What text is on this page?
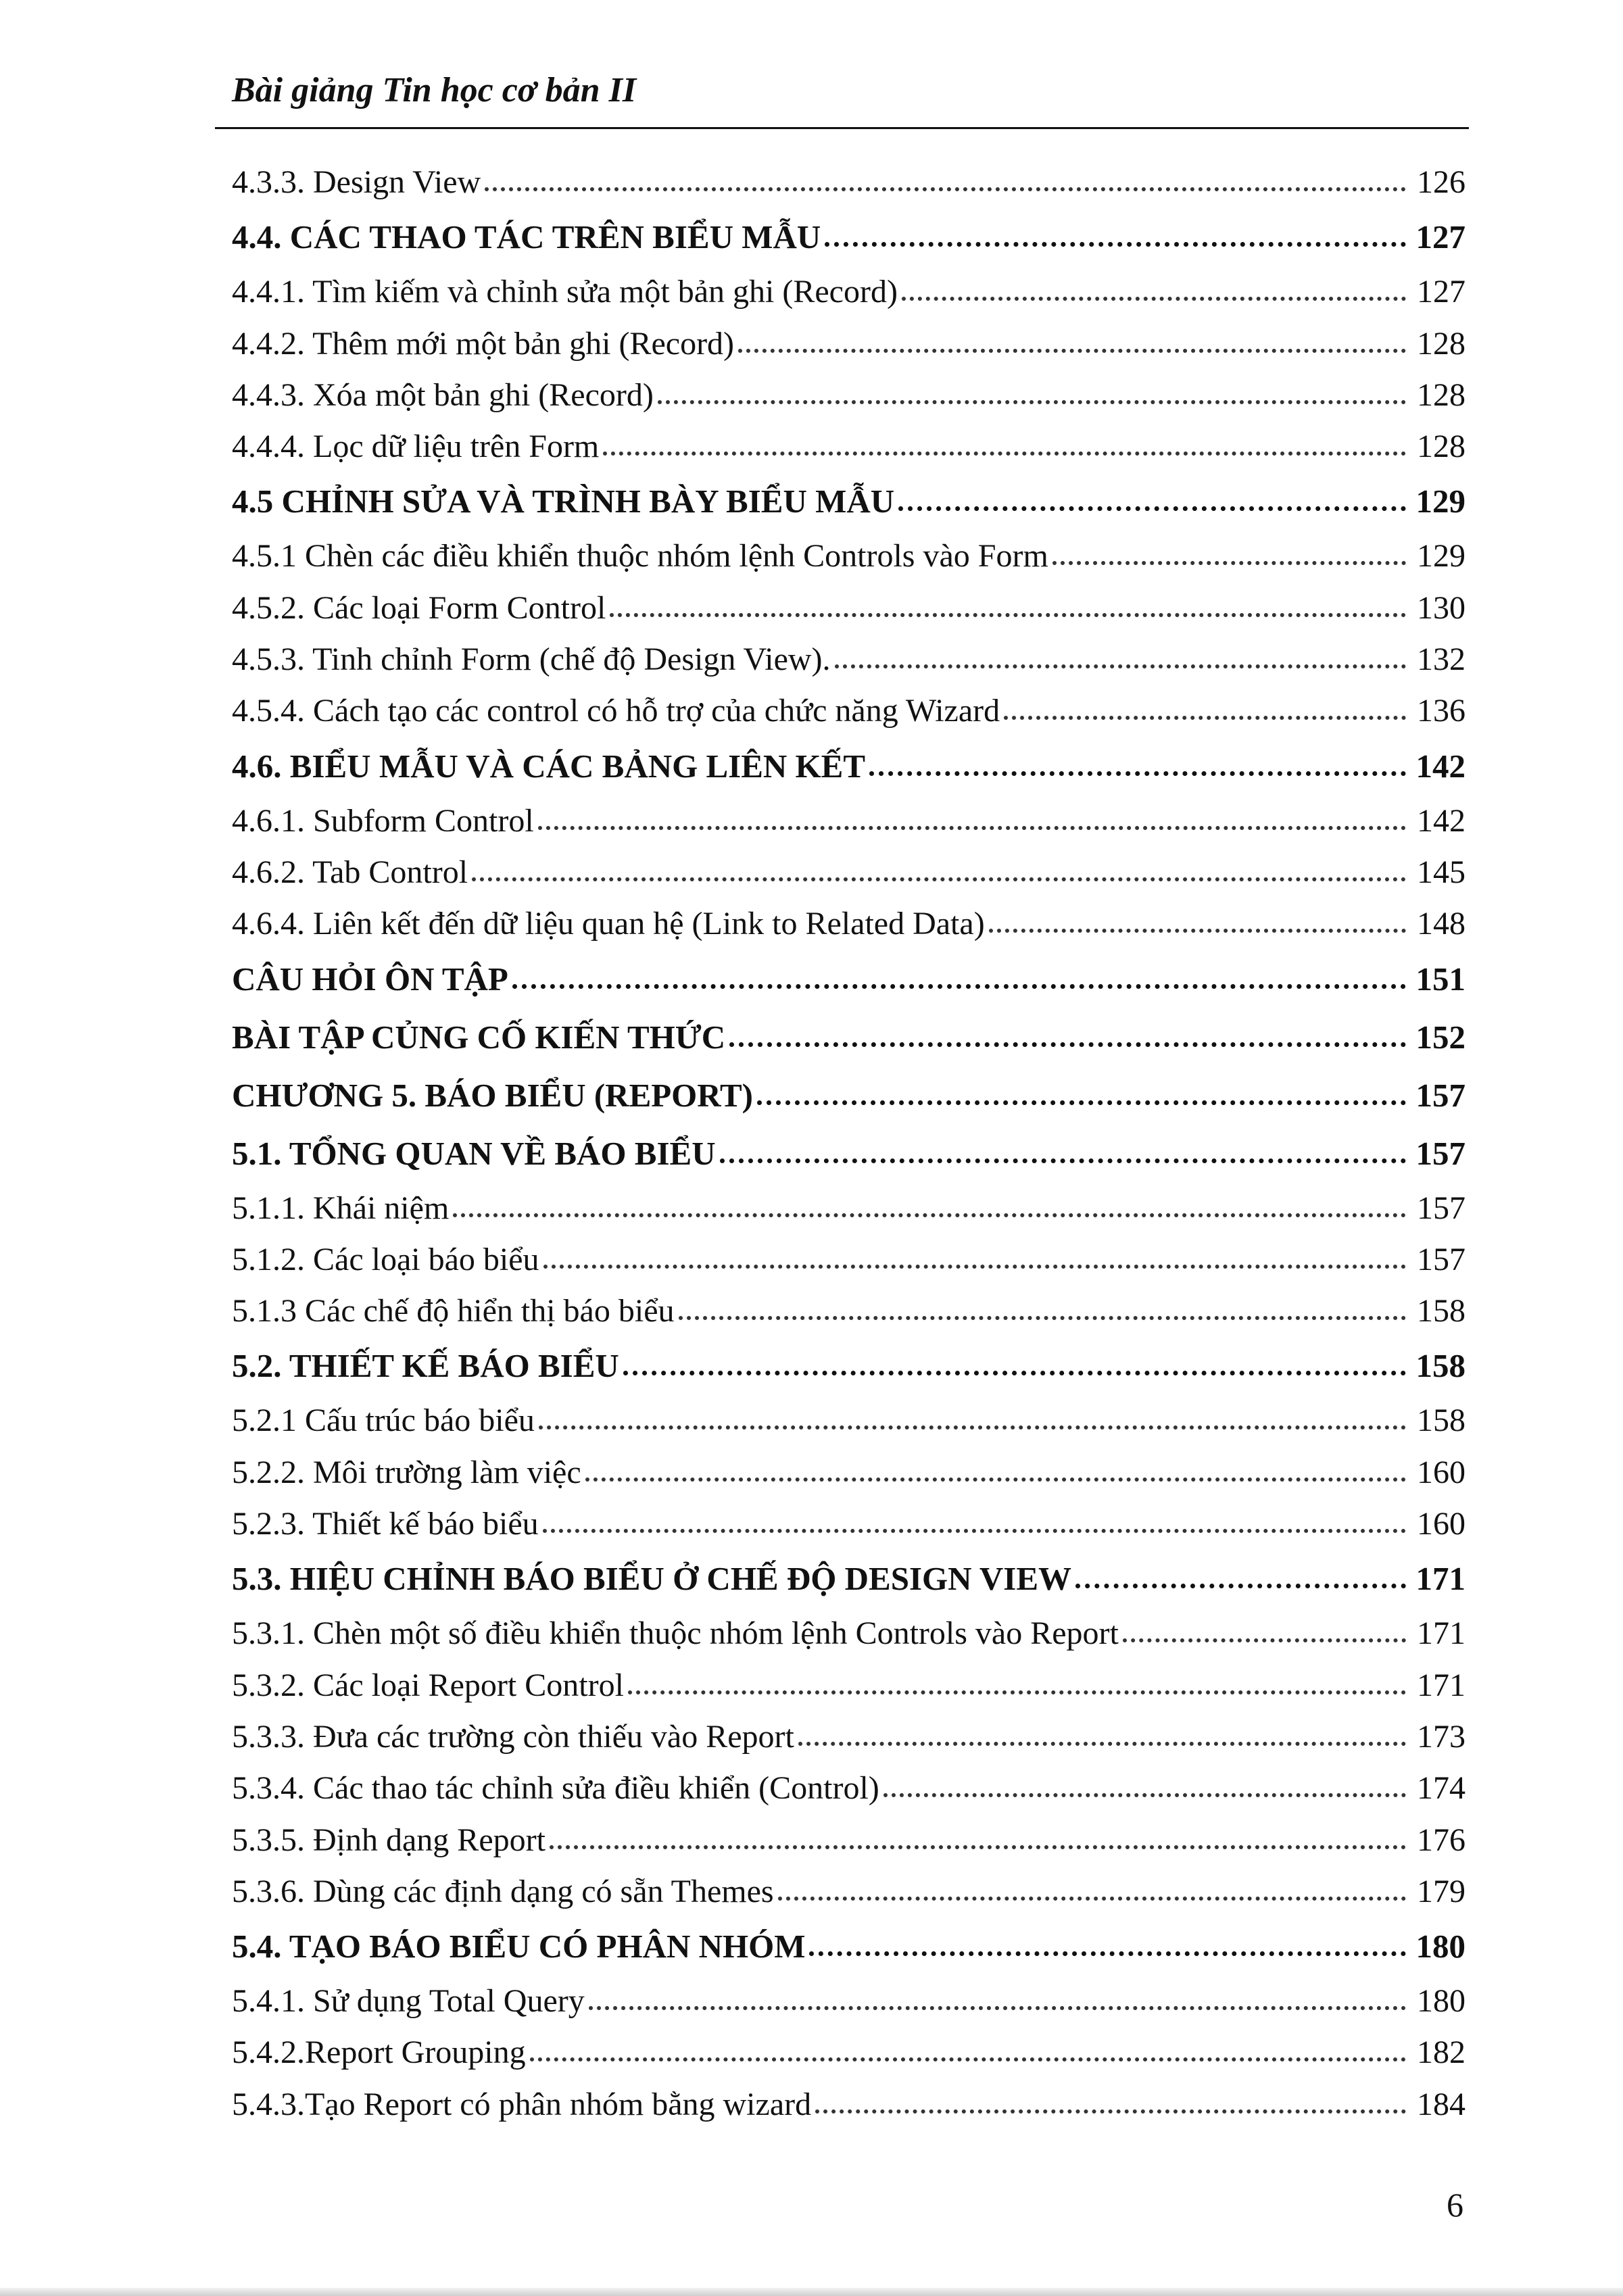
Bài giảng Tin học cơ bản II
4.3.3. Design View	126
4.4. CÁC THAO TÁC TRÊN BIỂU MẪU	127
4.4.1. Tìm kiếm và chỉnh sửa một bản ghi (Record)	127
4.4.2. Thêm mới một bản ghi (Record)	128
4.4.3. Xóa một bản ghi (Record)	128
4.4.4. Lọc dữ liệu trên Form	128
4.5 CHỈNH SỬA VÀ TRÌNH BÀY BIỂU MẪU	129
4.5.1 Chèn các điều khiển thuộc nhóm lệnh Controls vào Form	129
4.5.2. Các loại Form Control	130
4.5.3. Tinh chỉnh Form (chế độ Design View).	132
4.5.4. Cách tạo các control có hỗ trợ của chức năng Wizard	136
4.6. BIỂU MẪU VÀ CÁC BẢNG LIÊN KẾT	142
4.6.1. Subform Control	142
4.6.2. Tab Control	145
4.6.4. Liên kết đến dữ liệu quan hệ (Link to Related Data)	148
CÂU HỎI ÔN TẬP	151
BÀI TẬP CỦNG CỐ KIẾN THỨC	152
CHƯƠNG 5. BÁO BIỂU (REPORT)	157
5.1. TỔNG QUAN VỀ BÁO BIỂU	157
5.1.1. Khái niệm	157
5.1.2. Các loại báo biểu	157
5.1.3 Các chế độ hiển thị báo biểu	158
5.2. THIẾT KẾ BÁO BIỂU	158
5.2.1 Cấu trúc báo biểu	158
5.2.2. Môi trường làm việc	160
5.2.3. Thiết kế báo biểu	160
5.3. HIỆU CHỈNH BÁO BIỂU Ở CHẾ ĐỘ DESIGN VIEW	171
5.3.1. Chèn một số điều khiển thuộc nhóm lệnh Controls vào Report	171
5.3.2. Các loại Report Control	171
5.3.3. Đưa các trường còn thiếu vào Report	173
5.3.4. Các thao tác chỉnh sửa điều khiển (Control)	174
5.3.5. Định dạng Report	176
5.3.6. Dùng các định dạng có sẵn Themes	179
5.4. TẠO BÁO BIỂU CÓ PHÂN NHÓM	180
5.4.1. Sử dụng Total Query	180
5.4.2.Report Grouping	182
5.4.3.Tạo Report có phân nhóm bằng wizard	184
6
